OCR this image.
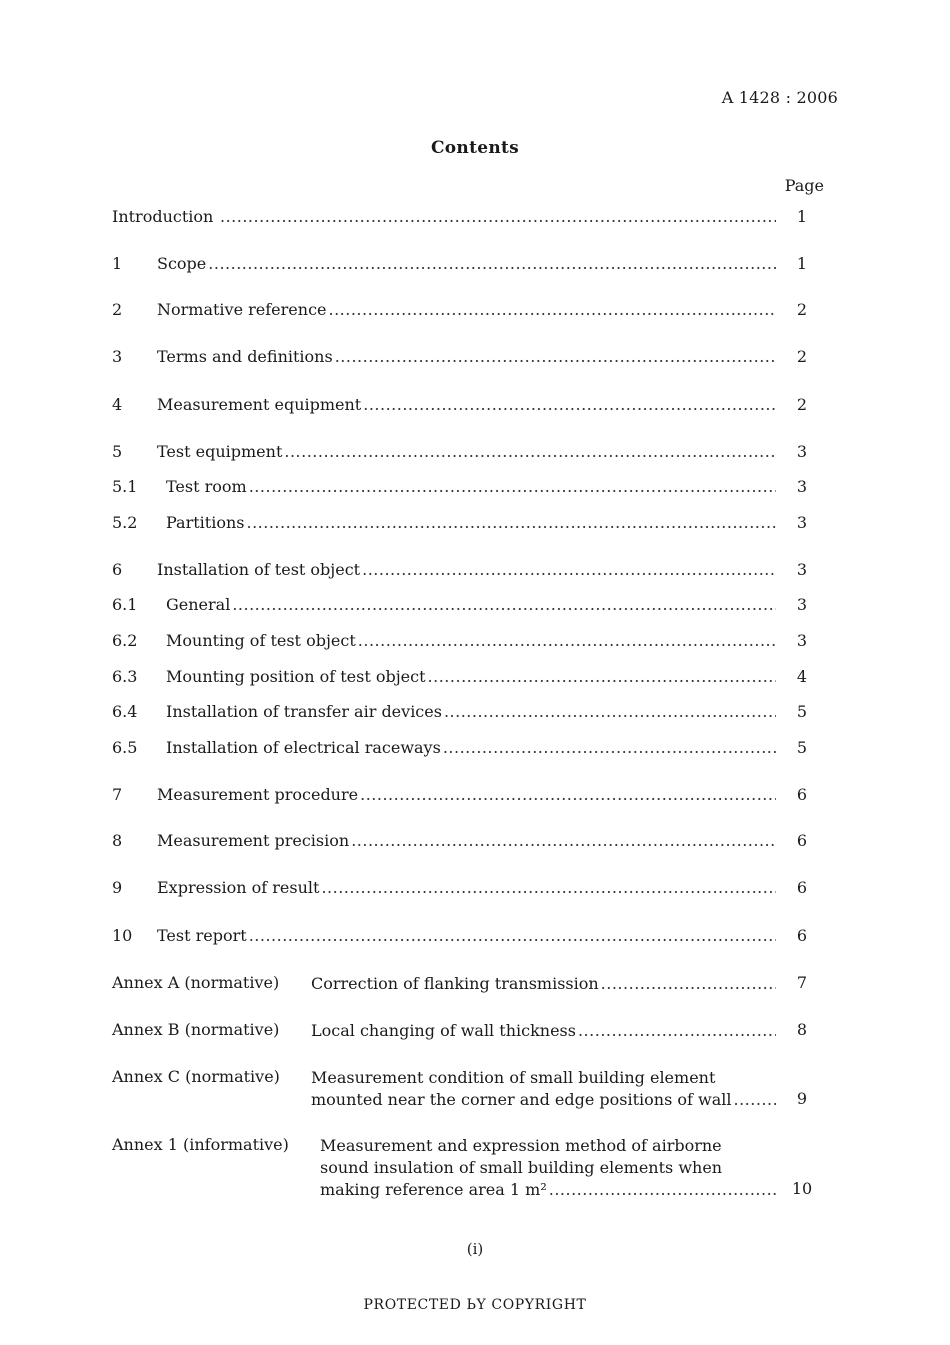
A 1428 : 2006
Contents
Page
Introduction .....	1
1 Scope .....	1
2 Normative reference .....	2
3 Terms and definitions .....	2
4 Measurement equipment .....	2
5 Test equipment .....	3
5.1 Test room .....	3
5.2 Partitions .....	3
6 Installation of test object .....	3
6.1 General .....	3
6.2 Mounting of test object .....	3
6.3 Mounting position of test object .....	4
6.4 Installation of transfer air devices .....	5
6.5 Installation of electrical raceways .....	5
7 Measurement procedure .....	6
8 Measurement precision .....	6
9 Expression of result .....	6
10 Test report .....	6
Annex A (normative) Correction of flanking transmission .....	7
Annex B (normative) Local changing of wall thickness .....	8
Annex C (normative) Measurement condition of small building element
mounted near the corner and edge positions of wall .....	9
Annex 1 (informative) Measurement and expression method of airborne
sound insulation of small building elements when
making reference area 1 m² .....	10
(i)
PROTECTED ЬY COPYRIGHT
